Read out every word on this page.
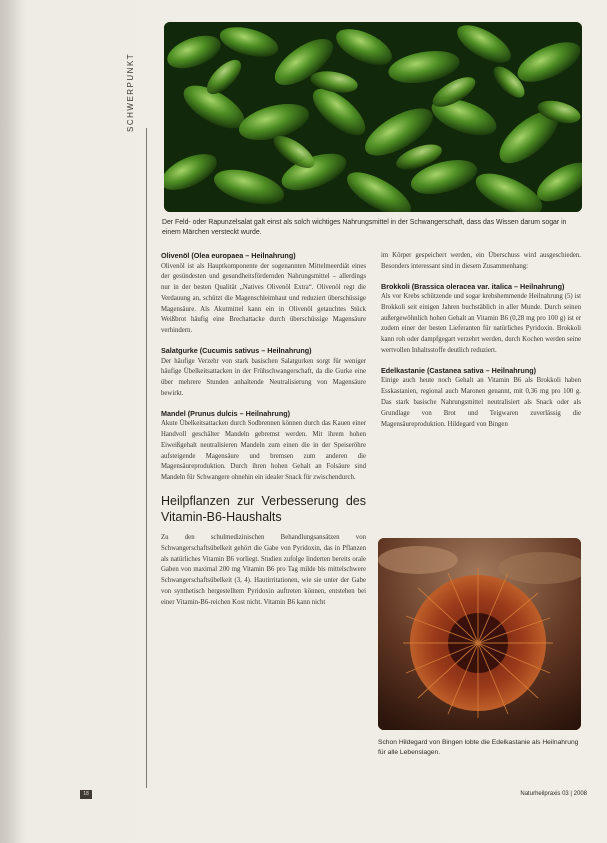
SCHWERPUNKT
Der Feld- oder Rapunzelsalat galt einst als solch wichtiges Nahrungsmittel in der Schwangerschaft, dass das Wissen darum sogar in einem Märchen versteckt wurde.

Olivenöl (Olea europaea – Heilnahrung)

Olivenöl ist als Hauptkomponente der sogenannten Mittelmeerdiät eines der gesündesten und gesundheitsfördernden Nahrungsmittel – allerdings nur in der besten Qualität „Natives Olivenöl Extra“. Olivenöl regt die Verdauung an, schützt die Magenschleimhaut und reduziert überschüssige Magensäure. Als Akutmittel kann ein in Olivenöl getauchtes Stück Weißbrot häufig eine Brechattacke durch überschüssige Magensäure verhindern.

Salatgurke (Cucumis sativus – Heilnahrung)

Der häufige Verzehr von stark basischen Salatgurken sorgt für weniger häufige Übelkeitsattacken in der Frühschwangerschaft, da die Gurke eine über mehrere Stunden anhaltende Neutralisierung von Magensäure bewirkt.

Mandel (Prunus dulcis – Heilnahrung)

Akute Übelkeitsattacken durch Sodbrennen können durch das Kauen einer Handvoll geschälter Mandeln gebremst werden. Mit ihrem hohen Eiweißgehalt neutralisieren Mandeln zum einen die in der Speiseröhre aufsteigende Magensäure und bremsen zum anderen die Magensäureproduktion. Durch ihren hohen Gehalt an Folsäure sind Mandeln für Schwangere ohnehin ein idealer Snack für zwischendurch.

Heilpflanzen zur Verbesserung des Vitamin-B6-Haushalts

Zu den schulmedizinischen Behandlungsansätzen von Schwangerschaftsübelkeit gehört die Gabe von Pyridoxin, das in Pflanzen als natürliches Vitamin B6 vorliegt. Studien zufolge linderten bereits orale Gaben von maximal 200 mg Vitamin B6 pro Tag milde bis mittelschwere Schwangerschaftsübelkeit (3, 4). Hautirritationen, wie sie unter der Gabe von synthetisch hergestelltem Pyridoxin auftreten können, entstehen bei einer Vitamin-B6-reichen Kost nicht. Vitamin B6 kann nicht

im Körper gespeichert werden, ein Überschuss wird ausgeschieden. Besonders interessant sind in diesem Zusammenhang:

Brokkoli (Brassica oleracea var. italica – Heilnahrung)

Als vor Krebs schützende und sogar krebshemmende Heilnahrung (5) ist Brokkoli seit einigen Jahren buchstäblich in aller Munde. Durch seinen außergewöhnlich hohen Gehalt an Vitamin B6 (0,28 mg pro 100 g) ist er zudem einer der besten Lieferanten für natürliches Pyridoxin. Brokkoli kann roh oder dampfgegart verzehrt werden, durch Kochen werden seine wertvollen Inhaltsstoffe deutlich reduziert.

Edelkastanie (Castanea sativa – Heilnahrung)

Einige auch heute noch Gehalt an Vitamin B6 als Brokkoli haben Esskastanien, regional auch Maronen genannt, mit 0,36 mg pro 100 g. Das stark basische Nahrungsmittel neutralisiert als Snack oder als Grundlage von Brot und Teigwaren zuverlässig die Magensäureproduktion. Hildegard von Bingen

Schon Hildegard von Bingen lobte die Edelkastanie als Heilnahrung für alle Lebenslagen.
18	Naturheilpraxis 03 | 2008
